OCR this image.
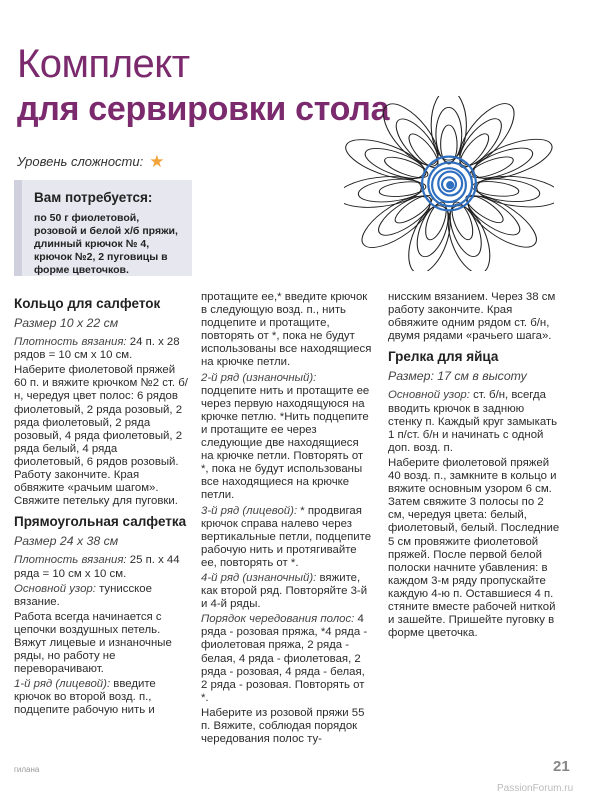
Комплект
для сервировки стола
Уровень сложности: ★
Вам потребуется:
по 50 г фиолетовой, розовой и белой х/б пряжи, длинный крючок № 4, крючок №2, 2 пуговицы в форме цветочков.

Кольцо для салфеток

Размер 10 x 22 см

Плотность вязания: 24 п. x 28 рядов = 10 см x 10 см.

Наберите фиолетовой пряжей 60 п. и вяжите крючком №2 ст. б/н, чередуя цвет полос: 6 рядов фиолетовый, 2 ряда розовый, 2 ряда фиолетовый, 2 ряда розовый, 4 ряда фиолетовый, 2 ряда белый, 4 ряда фиолетовый, 6 рядов розовый. Работу закончите. Края обвяжите «рачьим шагом». Свяжите петельку для пуговки.

Прямоугольная салфетка

Размер 24 x 38 см

Плотность вязания: 25 п. x 44 ряда = 10 см x 10 см.

Основной узор: тунисское вязание.

Работа всегда начинается с цепочки воздушных петель. Вяжут лицевые и изнаночные ряды, но работу не переворачивают.

1-й ряд (лицевой): введите крючок во второй возд. п., подцепите рабочую нить и

протащите ее,* введите крючок в следующую возд. п., нить подцепите и протащите, повторять от *, пока не будут использованы все находящиеся на крючке петли.

2-й ряд (изнаночный): подцепите нить и протащите ее через первую находящуюся на крючке петлю. *Нить подцепите и протащите ее через следующие две находящиеся на крючке петли. Повторять от *, пока не будут использованы все находящиеся на крючке петли.

3-й ряд (лицевой): * продвигая крючок справа налево через вертикальные петли, подцепите рабочую нить и протягивайте ее, повторять от *.

4-й ряд (изнаночный): вяжите, как второй ряд. Повторяйте 3-й и 4-й ряды.

Порядок чередования полос: 4 ряда - розовая пряжа, *4 ряда - фиолетовая пряжа, 2 ряда - белая, 4 ряда - фиолетовая, 2 ряда - розовая, 4 ряда - белая, 2 ряда - розовая. Повторять от *.

Наберите из розовой пряжи 55 п. Вяжите, соблюдая порядок чередования полос ту-

нисским вязанием. Через 38 см работу закончите. Края обвяжите одним рядом ст. б/н, двумя рядами «рачьего шага».

Грелка для яйца

Размер: 17 см в высоту

Основной узор: ст. б/н, всегда вводить крючок в заднюю стенку п. Каждый круг замыкать 1 п/ст. б/н и начинать с одной доп. возд. п.

Наберите фиолетовой пряжей 40 возд. п., замкните в кольцо и вяжите основным узором 6 см. Затем свяжите 3 полосы по 2 см, чередуя цвета: белый, фиолетовый, белый. Последние 5 см провяжите фиолетовой пряжей. После первой белой полоски начните убавления: в каждом 3-м ряду пропускайте каждую 4-ю п. Оставшиеся 4 п. стяните вместе рабочей ниткой и зашейте. Пришейте пуговку в форме цветочка.

гилана	21
PassionForum.ru
